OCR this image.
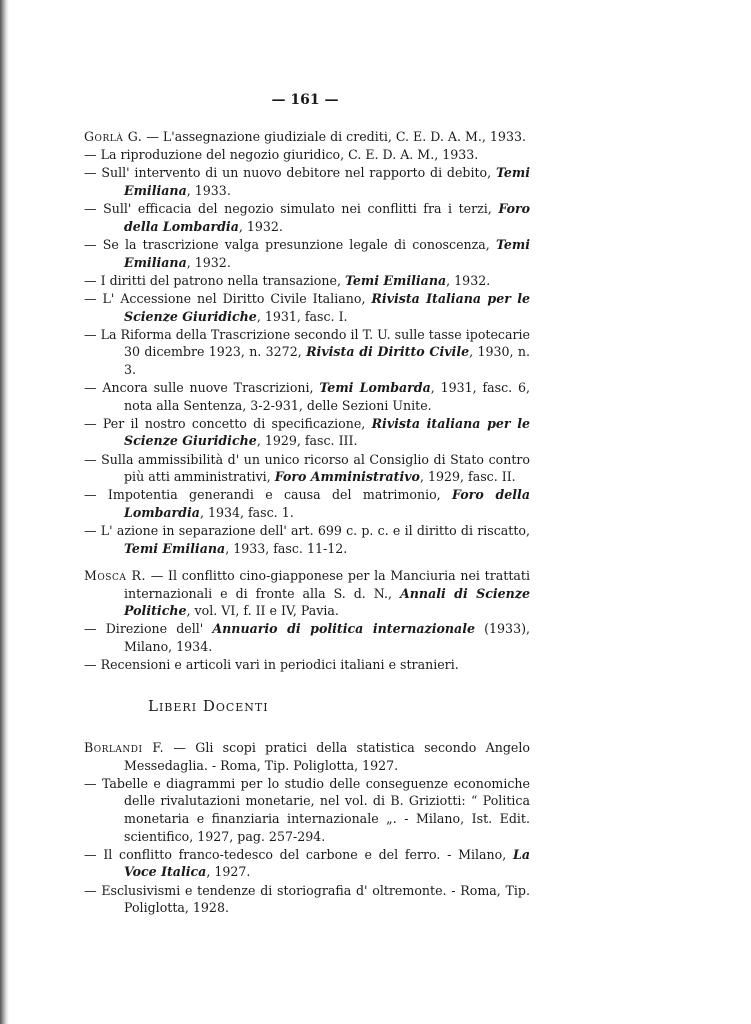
— 161 —

Gorlà G. — L'assegnazione giudiziale di crediti, C. E. D. A. M., 1933.

— La riproduzione del negozio giuridico, C. E. D. A. M., 1933.

— Sull' intervento di un nuovo debitore nel rapporto di debito, Temi Emiliana, 1933.

— Sull' efficacia del negozio simulato nei conflitti fra i terzi, Foro della Lombardia, 1932.

— Se la trascrizione valga presunzione legale di conoscenza, Temi Emiliana, 1932.

— I diritti del patrono nella transazione, Temi Emiliana, 1932.

— L' Accessione nel Diritto Civile Italiano, Rivista Italiana per le Scienze Giuridiche, 1931, fasc. I.

— La Riforma della Trascrizione secondo il T. U. sulle tasse ipotecarie 30 dicembre 1923, n. 3272, Rivista di Diritto Civile, 1930, n. 3.

— Ancora sulle nuove Trascrizioni, Temi Lombarda, 1931, fasc. 6, nota alla Sentenza, 3-2-931, delle Sezioni Unite.

— Per il nostro concetto di specificazione, Rivista italiana per le Scienze Giuridiche, 1929, fasc. III.

— Sulla ammissibilità d' un unico ricorso al Consiglio di Stato contro più atti amministrativi, Foro Amministrativo, 1929, fasc. II.

— Impotentia generandi e causa del matrimonio, Foro della Lombardia, 1934, fasc. 1.

— L' azione in separazione dell' art. 699 c. p. c. e il diritto di riscatto, Temi Emiliana, 1933, fasc. 11-12.

Mosca R. — Il conflitto cino-giapponese per la Manciuria nei trattati internazionali e di fronte alla S. d. N., Annali di Scienze Politiche, vol. VI, f. II e IV, Pavia.

— Direzione dell' Annuario di politica internazionale (1933), Milano, 1934.

— Recensioni e articoli vari in periodici italiani e stranieri.

Liberi Docenti

Borlandi F. — Gli scopi pratici della statistica secondo Angelo Messedaglia. - Roma, Tip. Poliglotta, 1927.

— Tabelle e diagrammi per lo studio delle conseguenze economiche delle rivalutazioni monetarie, nel vol. di B. Griziotti: “ Politica monetaria e finanziaria internazionale „. - Milano, Ist. Edit. scientifico, 1927, pag. 257-294.

— Il conflitto franco-tedesco del carbone e del ferro. - Milano, La Voce Italica, 1927.

— Esclusivismi e tendenze di storiografia d' oltremonte. - Roma, Tip. Poliglotta, 1928.
